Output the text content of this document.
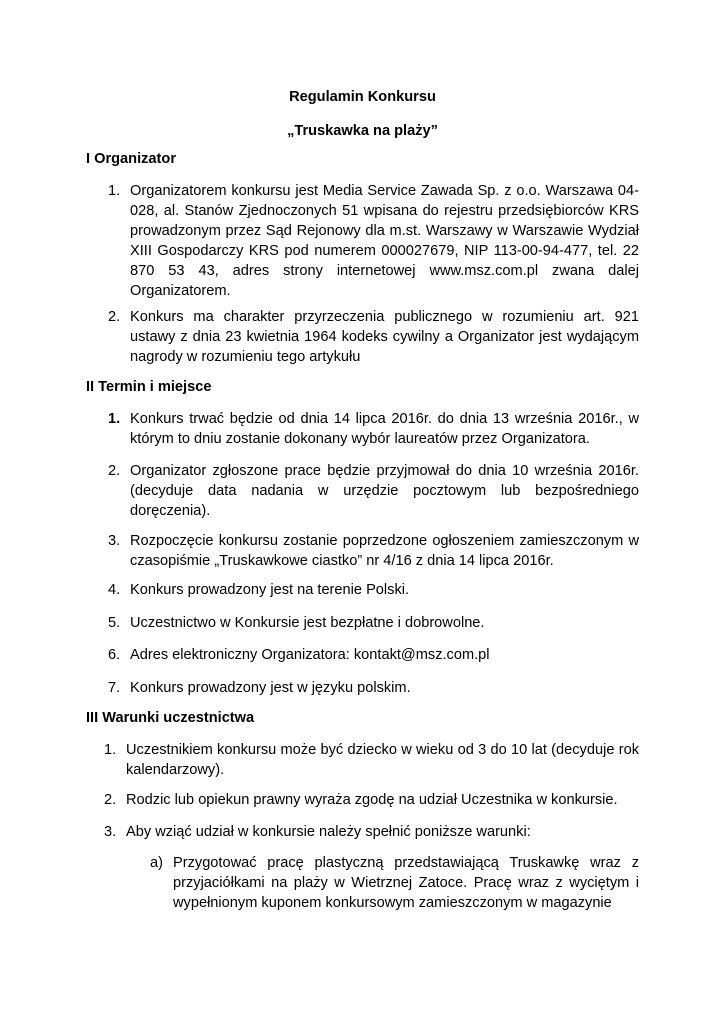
Regulamin Konkursu
„Truskawka na plaży”
I Organizator
1. Organizatorem konkursu jest Media Service Zawada Sp. z o.o. Warszawa 04-028, al. Stanów Zjednoczonych 51 wpisana do rejestru przedsiębiorców KRS prowadzonym przez Sąd Rejonowy dla m.st. Warszawy w Warszawie Wydział XIII Gospodarczy KRS pod numerem 000027679, NIP 113-00-94-477, tel. 22 870 53 43, adres strony internetowej www.msz.com.pl zwana dalej Organizatorem.
2. Konkurs ma charakter przyrzeczenia publicznego w rozumieniu art. 921 ustawy z dnia 23 kwietnia 1964 kodeks cywilny a Organizator jest wydającym nagrody w rozumieniu tego artykułu
II Termin i miejsce
1. Konkurs trwać będzie od dnia 14 lipca 2016r. do dnia 13 września 2016r., w którym to dniu zostanie dokonany wybór laureatów przez Organizatora.
2. Organizator zgłoszone prace będzie przyjmował do dnia 10 września 2016r. (decyduje data nadania w urzędzie pocztowym lub bezpośredniego doręczenia).
3. Rozpoczęcie konkursu zostanie poprzedzone ogłoszeniem zamieszczonym w czasopiśmie „Truskawkowe ciastko” nr 4/16 z dnia 14 lipca 2016r.
4. Konkurs prowadzony jest na terenie Polski.
5. Uczestnictwo w Konkursie jest bezpłatne i dobrowolne.
6. Adres elektroniczny Organizatora: kontakt@msz.com.pl
7. Konkurs prowadzony jest w języku polskim.
III Warunki uczestnictwa
1. Uczestnikiem konkursu może być dziecko w wieku od 3 do 10 lat (decyduje rok kalendarzowy).
2. Rodzic lub opiekun prawny wyraża zgodę na udział Uczestnika w konkursie.
3. Aby wziąć udział w konkursie należy spełnić poniższe warunki:
a) Przygotować pracę plastyczną przedstawiającą Truskawkę wraz z przyjaciółkami na plaży w Wietrznej Zatoce. Pracę wraz z wyciętym i wypełnionym kuponem konkursowym zamieszczonym w magazynie
